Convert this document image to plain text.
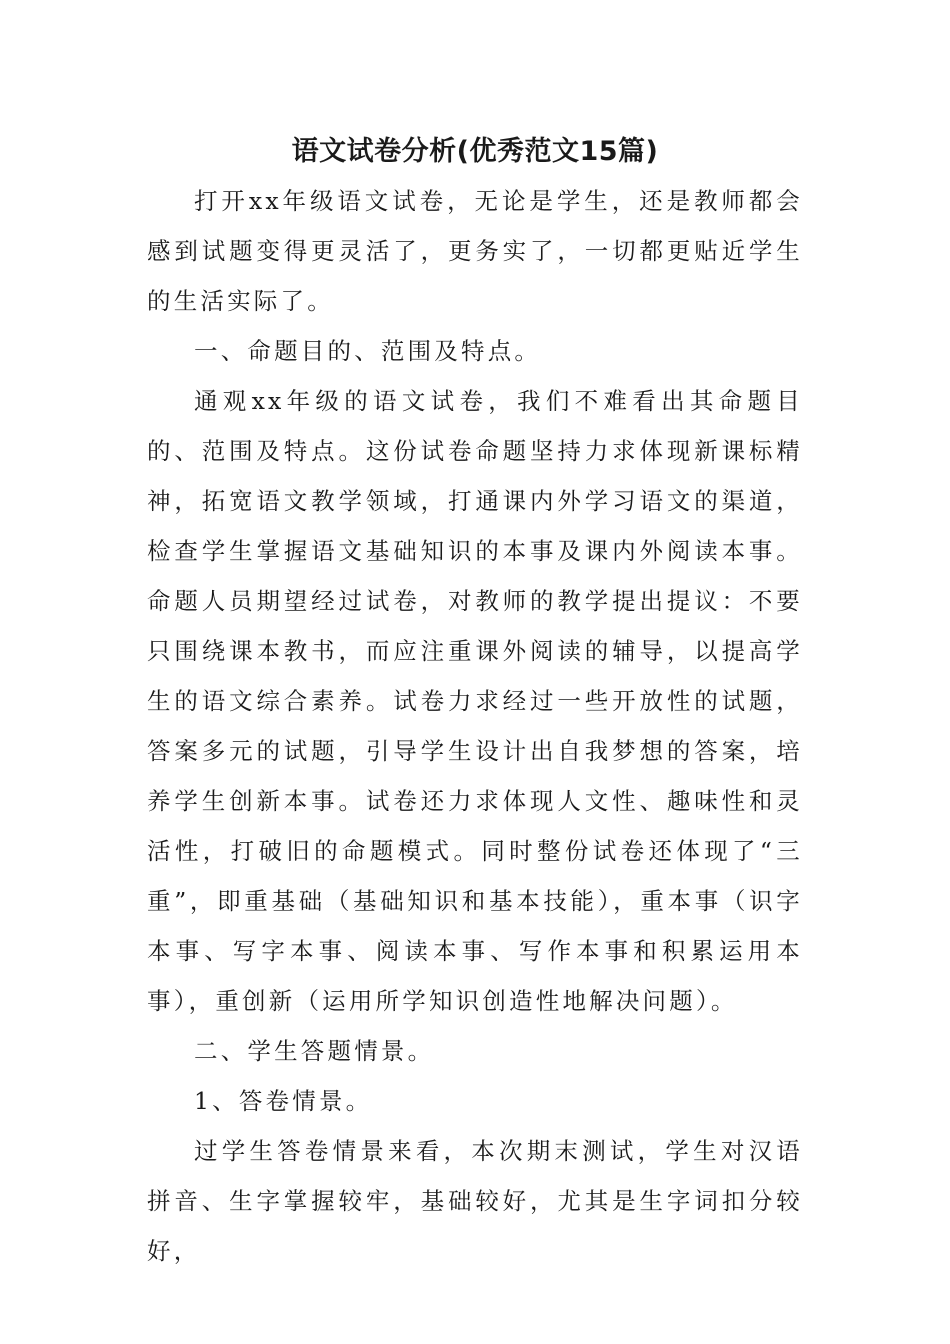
语文试卷分析(优秀范文15篇)

打开xx年级语文试卷，无论是学生，还是教师都会感到试题变得更灵活了，更务实了，一切都更贴近学生的生活实际了。

一、命题目的、范围及特点。

通观xx年级的语文试卷，我们不难看出其命题目的、范围及特点。这份试卷命题坚持力求体现新课标精神，拓宽语文教学领域，打通课内外学习语文的渠道，检查学生掌握语文基础知识的本事及课内外阅读本事。命题人员期望经过试卷，对教师的教学提出提议：不要只围绕课本教书，而应注重课外阅读的辅导，以提高学生的语文综合素养。试卷力求经过一些开放性的试题，答案多元的试题，引导学生设计出自我梦想的答案，培养学生创新本事。试卷还力求体现人文性、趣味性和灵活性，打破旧的命题模式。同时整份试卷还体现了“三重”，即重基础（基础知识和基本技能），重本事（识字本事、写字本事、阅读本事、写作本事和积累运用本事），重创新（运用所学知识创造性地解决问题）。

二、学生答题情景。

1、答卷情景。

过学生答卷情景来看，本次期末测试，学生对汉语拼音、生字掌握较牢，基础较好，尤其是生字词扣分较好，
